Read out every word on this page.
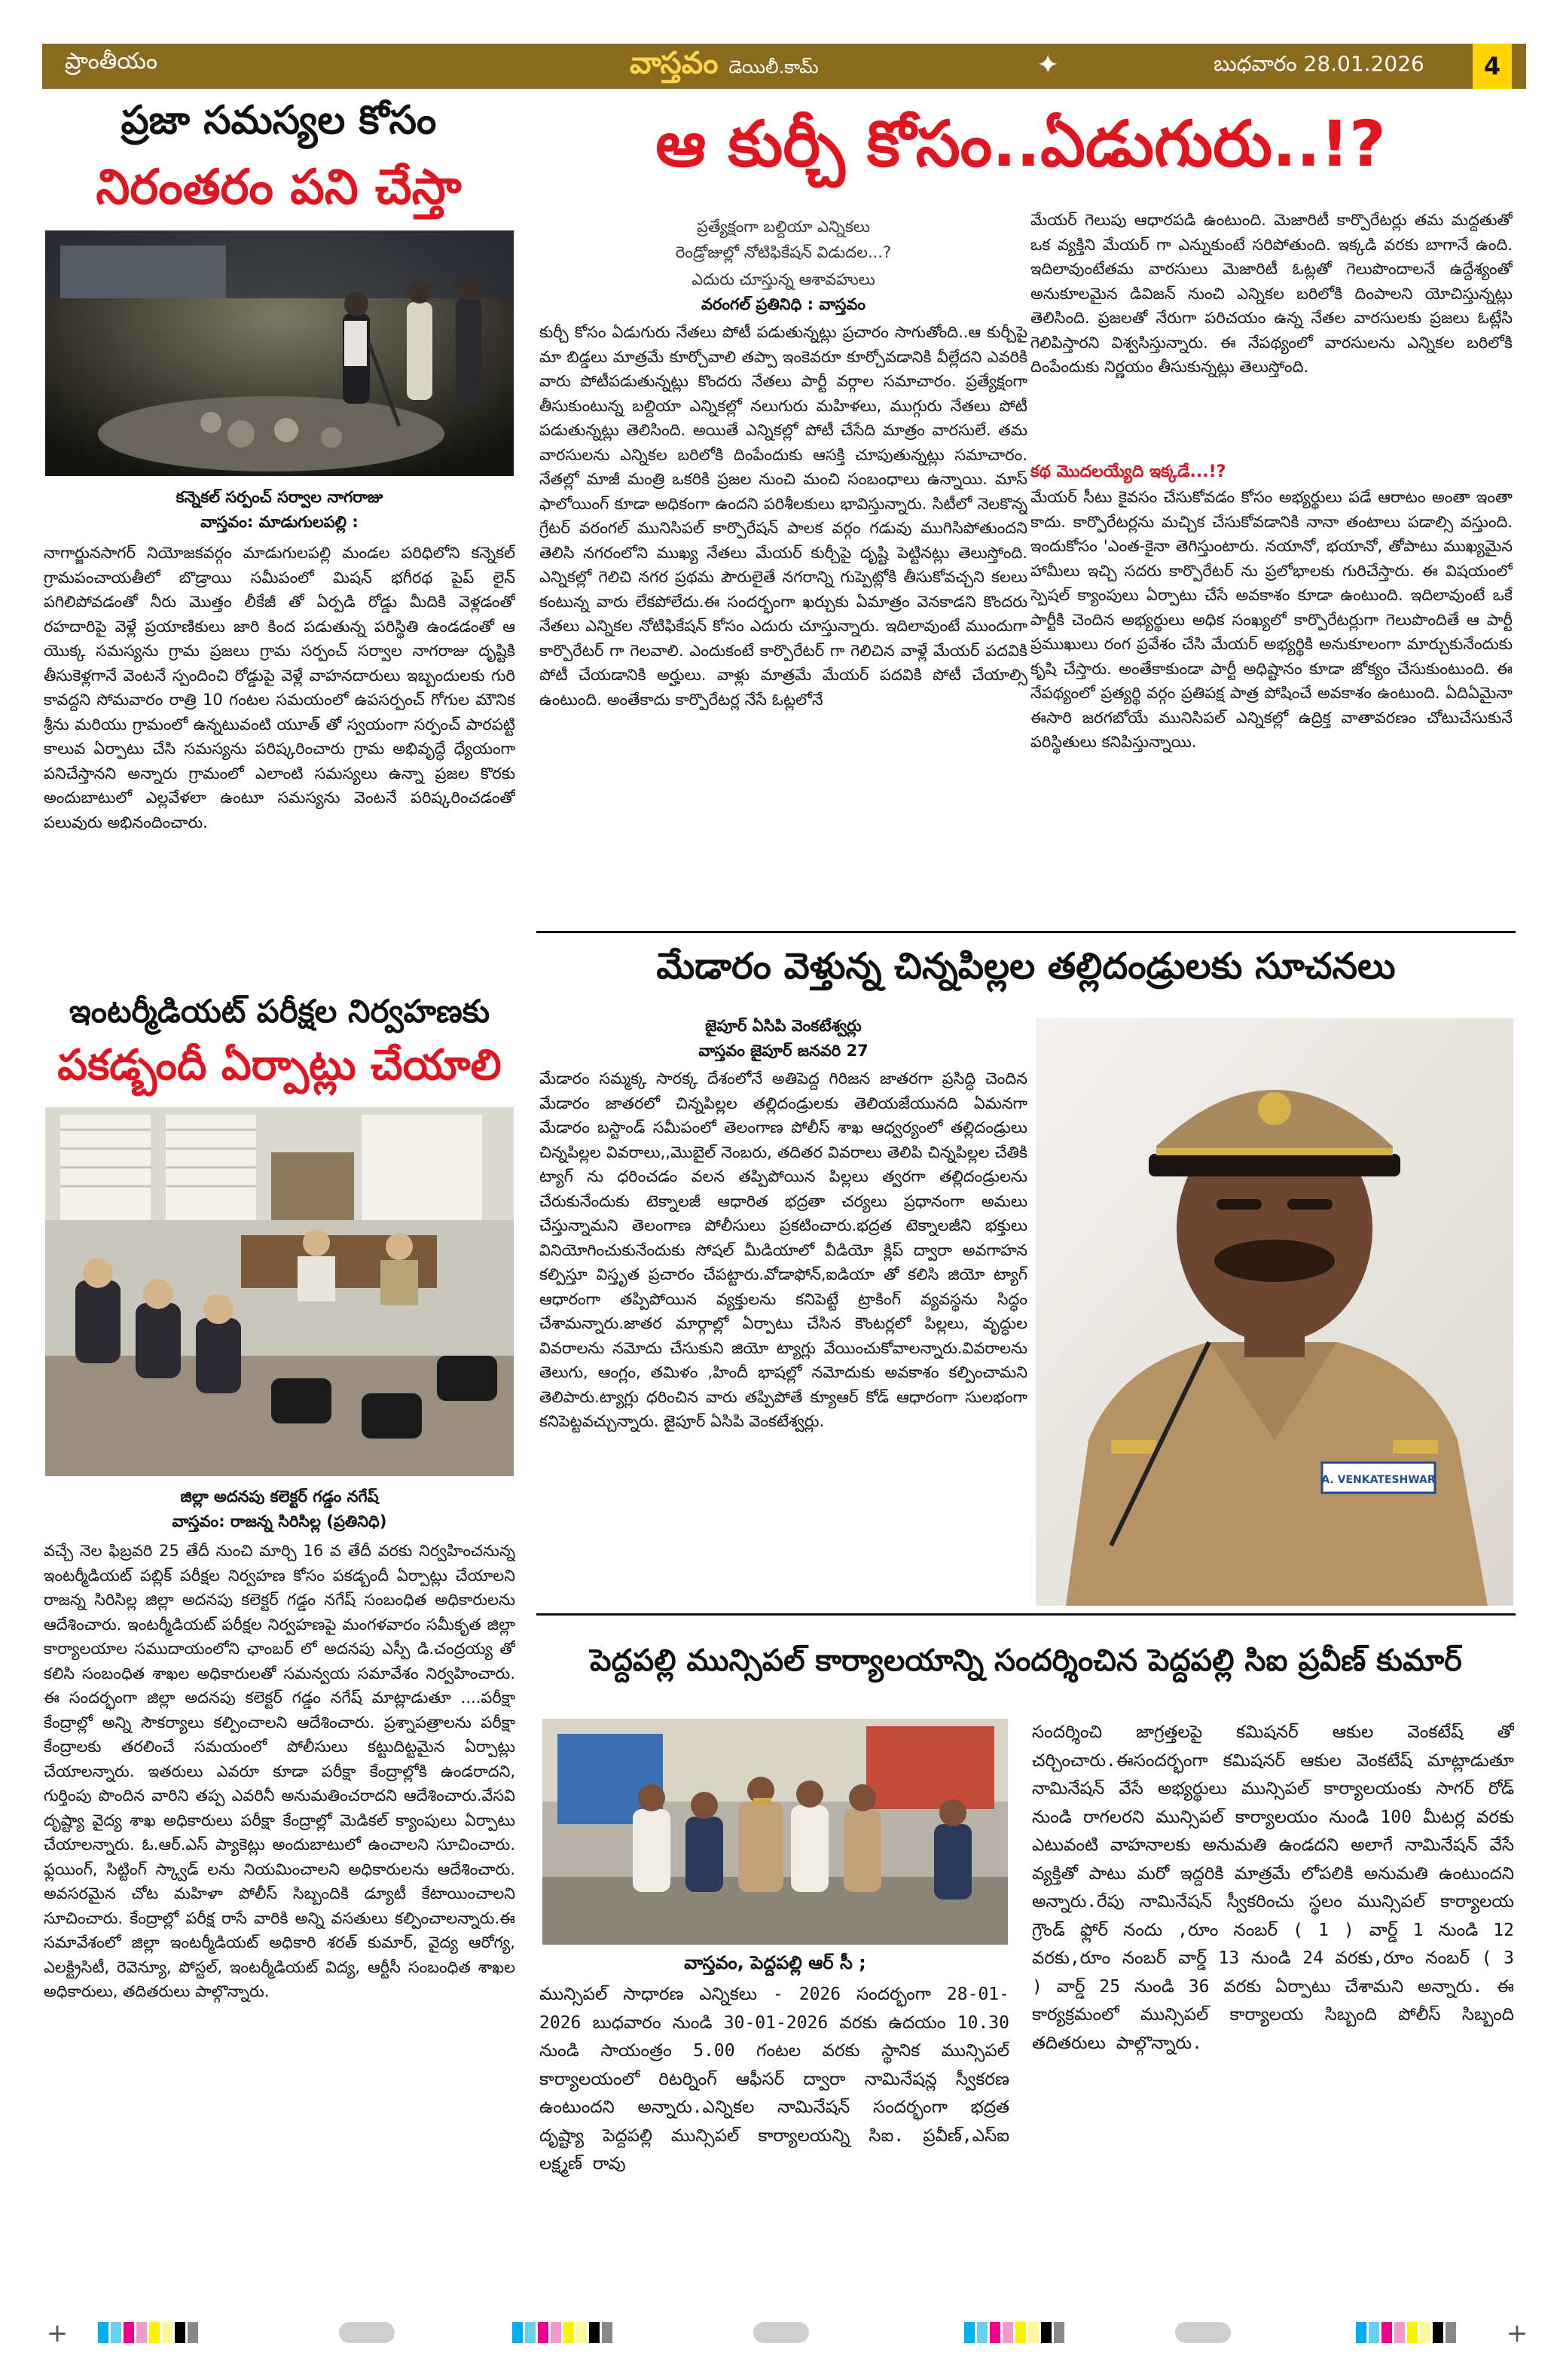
ప్రాంతీయం	వాస్తవం డెయిలీ.కామ్	✦	బుధవారం 28.01.2026	4
ప్రజా సమస్యల కోసం
నిరంతరం పని చేస్తా
కన్నెకల్ సర్పంచ్ సర్వాల నాగరాజు
వాస్తవం: మాడుగులపల్లి :
నాగార్జునసాగర్ నియోజకవర్గం మాడుగులపల్లి మండల పరిధిలోని కన్నెకల్ గ్రామపంచాయతీలో బొడ్రాయి సమీపంలో మిషన్ భగీరథ పైప్ లైన్ పగిలిపోవడంతో నీరు మొత్తం లీకేజీ తో ఏర్పడి రోడ్డు మీదికి వెళ్లడంతో రహదారిపై వెళ్లే ప్రయాణికులు జారి కింద పడుతున్న పరిస్థితి ఉండడంతో ఆ యొక్క సమస్యను గ్రామ ప్రజలు గ్రామ సర్పంచ్ సర్వాల నాగరాజు దృష్టికి తీసుకెళ్లగానే వెంటనే స్పందించి రోడ్డుపై వెళ్లే వాహనదారులు ఇబ్బందులకు గురి కావద్దని సోమవారం రాత్రి 10 గంటల సమయంలో ఉపసర్పంచ్ గోగుల మౌనిక శ్రీను మరియు గ్రామంలో ఉన్నటువంటి యూత్ తో స్వయంగా సర్పంచ్ పారపట్టి కాలువ ఏర్పాటు చేసి సమస్యను పరిష్కరించారు గ్రామ అభివృద్ధే ధ్యేయంగా పనిచేస్తానని అన్నారు గ్రామంలో ఎలాంటి సమస్యలు ఉన్నా ప్రజల కొరకు అందుబాటులో ఎల్లవేళలా ఉంటూ సమస్యను వెంటనే పరిష్కరించడంతో పలువురు అభినందించారు.
ఇంటర్మీడియట్ పరీక్షల నిర్వహణకు
పకడ్బందీ ఏర్పాట్లు చేయాలి
జిల్లా అదనపు కలెక్టర్ గడ్డం నగేష్
వాస్తవం: రాజన్న సిరిసిల్ల (ప్రతినిధి)
వచ్చే నెల ఫిబ్రవరి 25 తేదీ నుంచి మార్చి 16 వ తేదీ వరకు నిర్వహించనున్న ఇంటర్మీడియట్ పబ్లిక్ పరీక్షల నిర్వహణ కోసం పకడ్బందీ ఏర్పాట్లు చేయాలని రాజన్న సిరిసిల్ల జిల్లా అదనపు కలెక్టర్ గడ్డం నగేష్ సంబంధిత అధికారులను ఆదేశించారు. ఇంటర్మీడియట్ పరీక్షల నిర్వహణపై మంగళవారం సమీకృత జిల్లా కార్యాలయాల సముదాయంలోని ఛాంబర్ లో అదనపు ఎస్పీ డి.చంద్రయ్య తో కలిసి సంబంధిత శాఖల అధికారులతో సమన్వయ సమావేశం నిర్వహించారు. ఈ సందర్భంగా జిల్లా అదనపు కలెక్టర్ గడ్డం నగేష్ మాట్లాడుతూ ....పరీక్షా కేంద్రాల్లో అన్ని సౌకర్యాలు కల్పించాలని ఆదేశించారు. ప్రశ్నాపత్రాలను పరీక్షా కేంద్రాలకు తరలించే సమయంలో పోలీసులు కట్టుదిట్టమైన ఏర్పాట్లు చేయాలన్నారు. ఇతరులు ఎవరూ కూడా పరీక్షా కేంద్రాల్లోకి ఉండరాదని, గుర్తింపు పొందిన వారిని తప్ప ఎవరినీ అనుమతించరాదని ఆదేశించారు.వేసవి దృష్ట్యా వైద్య శాఖ అధికారులు పరీక్షా కేంద్రాల్లో మెడికల్ క్యాంపులు ఏర్పాటు చేయాలన్నారు. ఓ.ఆర్.ఎస్ ప్యాకెట్లు అందుబాటులో ఉంచాలని సూచించారు. ఫ్లయింగ్, సిట్టింగ్ స్క్వాడ్ లను నియమించాలని అధికారులను ఆదేశించారు. అవసరమైన చోట మహిళా పోలీస్ సిబ్బందికి డ్యూటీ కేటాయించాలని సూచించారు. కేంద్రాల్లో పరీక్ష రాసే వారికి అన్ని వసతులు కల్పించాలన్నారు.ఈ సమావేశంలో జిల్లా ఇంటర్మీడియట్ అధికారి శరత్ కుమార్, వైద్య ఆరోగ్య, ఎలక్ట్రిసిటీ, రెవెన్యూ, పోస్టల్, ఇంటర్మీడియట్ విద్య, ఆర్టీసీ సంబంధిత శాఖల అధికారులు, తదితరులు పాల్గొన్నారు.
ఆ కుర్చీ కోసం..ఏడుగురు..!?
ప్రత్యేక్షంగా బల్దియా ఎన్నికలు
రెండ్రోజుల్లో నోటిఫికేషన్ విడుదల...?
ఎదురు చూస్తున్న ఆశావహులు
వరంగల్ ప్రతినిధి : వాస్తవం
కుర్చీ కోసం ఏడుగురు నేతలు పోటీ పడుతున్నట్లు ప్రచారం సాగుతోంది..ఆ కుర్చీపై మా బిడ్డలు మాత్రమే కూర్చోవాలి తప్పా ఇంకెవరూ కూర్చోవడానికి వీల్లేదని ఎవరికి వారు పోటీపడుతున్నట్లు కొందరు నేతలు పార్టీ వర్గాల సమాచారం. ప్రత్యేక్షంగా తీసుకుంటున్న బల్దియా ఎన్నికల్లో నలుగురు మహిళలు, ముగ్గురు నేతలు పోటీ పడుతున్నట్లు తెలిసింది. అయితే ఎన్నికల్లో పోటీ చేసేది మాత్రం వారసులే. తమ వారసులను ఎన్నికల బరిలోకి దింపేందుకు ఆసక్తి చూపుతున్నట్లు సమాచారం. నేతల్లో మాజీ మంత్రి ఒకరికి ప్రజల నుంచి మంచి సంబంధాలు ఉన్నాయి. మాస్ ఫాలోయింగ్ కూడా అధికంగా ఉందని పరిశీలకులు భావిస్తున్నారు. సిటీలో నెలకొన్న గ్రేటర్ వరంగల్ మునిసిపల్ కార్పొరేషన్ పాలక వర్గం గడువు ముగిసిపోతుందని తెలిసి నగరంలోని ముఖ్య నేతలు మేయర్ కుర్చీపై దృష్టి పెట్టినట్లు తెలుస్తోంది. ఎన్నికల్లో గెలిచి నగర ప్రథమ పౌరులైతే నగరాన్ని గుప్పెట్లోకి తీసుకోవచ్చని కలలు కంటున్న వారు లేకపోలేదు.ఈ సందర్భంగా ఖర్చుకు ఏమాత్రం వెనకాడని కొందరు నేతలు ఎన్నికల నోటిఫికేషన్ కోసం ఎదురు చూస్తున్నారు. ఇదిలావుంటే ముందుగా కార్పొరేటర్ గా గెలవాలి. ఎందుకంటే కార్పొరేటర్ గా గెలిచిన వాళ్లే మేయర్ పదవికి పోటీ చేయడానికి అర్హులు. వాళ్లు మాత్రమే మేయర్ పదవికి పోటీ చేయాల్సి ఉంటుంది. అంతేకాదు కార్పొరేటర్ల నేసే ఓట్లలోనే
మేయర్ గెలుపు ఆధారపడి ఉంటుంది. మెజారిటీ కార్పొరేటర్లు తమ మద్దతుతో ఒక వ్యక్తిని మేయర్ గా ఎన్నుకుంటే సరిపోతుంది. ఇక్కడి వరకు బాగానే ఉంది. ఇదిలావుంటేతమ వారసులు మెజారిటీ ఓట్లతో గెలుపొందాలనే ఉద్దేశ్యంతో అనుకూలమైన డివిజన్ నుంచి ఎన్నికల బరిలోకి దింపాలని యోచిస్తున్నట్లు తెలిసింది. ప్రజలతో నేరుగా పరిచయం ఉన్న నేతల వారసులకు ప్రజలు ఓట్లేసి గెలిపిస్తారని విశ్వసిస్తున్నారు. ఈ నేపథ్యంలో వారసులను ఎన్నికల బరిలోకి దింపేందుకు నిర్ణయం తీసుకున్నట్లు తెలుస్తోంది.
కథ మొదలయ్యేది ఇక్కడే...!?
మేయర్ సీటు కైవసం చేసుకోవడం కోసం అభ్యర్థులు పడే ఆరాటం అంతా ఇంతా కాదు. కార్పొరేటర్లను మచ్చిక చేసుకోవడానికి నానా తంటాలు పడాల్సి వస్తుంది. ఇందుకోసం 'ఎంత-కైనా తెగిస్తుంటారు. నయానో, భయానో, తోపాటు ముఖ్యమైన హామీలు ఇచ్చి సదరు కార్పొరేటర్ ను ప్రలోభాలకు గురిచేస్తారు. ఈ విషయంలో స్పెషల్ క్యాంపులు ఏర్పాటు చేసే అవకాశం కూడా ఉంటుంది. ఇదిలావుంటే ఒకే పార్టీకి చెందిన అభ్యర్థులు అధిక సంఖ్యలో కార్పొరేటర్లుగా గెలుపొందితే ఆ పార్టీ ప్రముఖులు రంగ ప్రవేశం చేసి మేయర్ అభ్యర్థికి అనుకూలంగా మార్చుకునేందుకు కృషి చేస్తారు. అంతేకాకుండా పార్టీ అధిష్టానం కూడా జోక్యం చేసుకుంటుంది. ఈ నేపథ్యంలో ప్రత్యర్థి వర్గం ప్రతిపక్ష పాత్ర పోషించే అవకాశం ఉంటుంది. ఏదిఏమైనా ఈసారి జరగబోయే మునిసిపల్ ఎన్నికల్లో ఉద్రిక్త వాతావరణం చోటుచేసుకునే పరిస్థితులు కనిపిస్తున్నాయి.
మేడారం వెళ్తున్న చిన్నపిల్లల తల్లిదండ్రులకు సూచనలు
జైపూర్ ఏసిపి వెంకటేశ్వర్లు
వాస్తవం జైపూర్ జనవరి 27
మేడారం సమ్మక్క సారక్క దేశంలోనే అతిపెద్ద గిరిజన జాతరగా ప్రసిద్ధి చెందిన మేడారం జాతరలో చిన్నపిల్లల తల్లిదండ్రులకు తెలియజేయునది ఏమనగా మేడారం బస్టాండ్ సమీపంలో తెలంగాణ పోలీస్ శాఖ ఆధ్వర్యంలో తల్లిదండ్రులు చిన్నపిల్లల వివరాలు,,మొబైల్ నెంబరు, తదితర వివరాలు తెలిపి చిన్నపిల్లల చేతికి ట్యాగ్ ను ధరించడం వలన తప్పిపోయిన పిల్లలు త్వరగా తల్లిదండ్రులను చేరుకునేందుకు టెక్నాలజీ ఆధారిత భద్రతా చర్యలు ప్రధానంగా అమలు చేస్తున్నామని తెలంగాణ పోలీసులు ప్రకటించారు.భద్రత టెక్నాలజీని భక్తులు వినియోగించుకునేందుకు సోషల్ మీడియాలో వీడియో క్లిప్ ద్వారా అవగాహన కల్పిస్తూ విస్తృత ప్రచారం చేపట్టారు.వోడాఫోన్,ఐడియా తో కలిసి జియో ట్యాగ్ ఆధారంగా తప్పిపోయిన వ్యక్తులను కనిపెట్టే ట్రాకింగ్ వ్యవస్థను సిద్ధం చేశామన్నారు.జాతర మార్గాల్లో ఏర్పాటు చేసిన కౌంటర్లలో పిల్లలు, వృద్ధుల వివరాలను నమోదు చేసుకుని జియో ట్యాగ్లు వేయించుకోవాలన్నారు.వివరాలను తెలుగు, ఆంగ్లం, తమిళం ,హిందీ భాషల్లో నమోదుకు అవకాశం కల్పించామని తెలిపారు.ట్యాగ్లు ధరించిన వారు తప్పిపోతే క్యూఆర్ కోడ్ ఆధారంగా సులభంగా కనిపెట్టవచ్చున్నారు. జైపూర్ ఏసిపి వెంకటేశ్వర్లు.
A. VENKATESHWAR
పెద్దపల్లి మున్సిపల్ కార్యాలయాన్ని సందర్శించిన పెద్దపల్లి సిఐ ప్రవీణ్ కుమార్
వాస్తవం, పెద్దపల్లి ఆర్ సీ ;
మున్సిపల్ సాధారణ ఎన్నికలు - 2026 సందర్భంగా 28-01-2026 బుధవారం నుండి 30-01-2026 వరకు ఉదయం 10.30 నుండి సాయంత్రం 5.00 గంటల వరకు స్థానిక మున్సిపల్ కార్యాలయంలో రిటర్నింగ్ ఆఫీసర్ ద్వారా నామినేషన్ల స్వీకరణ ఉంటుందని అన్నారు.ఎన్నికల నామినేషన్ సందర్భంగా భద్రత దృష్ట్యా పెద్దపల్లి మున్సిపల్ కార్యాలయన్ని సిఐ. ప్రవీణ్,ఎస్ఐ లక్ష్మణ్ రావు
సందర్శించి జాగ్రత్తలపై కమిషనర్ ఆకుల వెంకటేష్ తో చర్చించారు.ఈసందర్భంగా కమిషనర్ ఆకుల వెంకటేష్ మాట్లాడుతూ నామినేషన్ వేసే అభ్యర్థులు మున్సిపల్ కార్యాలయంకు సాగర్ రోడ్ నుండి రాగలరని మున్సిపల్ కార్యాలయం నుండి 100 మీటర్ల వరకు ఎటువంటి వాహనాలకు అనుమతి ఉండదని అలాగే నామినేషన్ వేసే వ్యక్తితో పాటు మరో ఇద్దరికి మాత్రమే లోపలికి అనుమతి ఉంటుందని అన్నారు.రేపు నామినేషన్ స్వీకరించు స్థలం మున్సిపల్ కార్యాలయ గ్రౌండ్ ఫ్లోర్ నందు ,రూం నంబర్ ( 1 ) వార్డ్ 1 నుండి 12 వరకు,రూం నంబర్ వార్డ్ 13 నుండి 24 వరకు,రూం నంబర్ ( 3 ) వార్డ్ 25 నుండి 36 వరకు ఏర్పాటు చేశామని అన్నారు. ఈ కార్యక్రమంలో మున్సిపల్ కార్యాలయ సిబ్బంది పోలీస్ సిబ్బంది తదితరులు పాల్గొన్నారు.
+	+
